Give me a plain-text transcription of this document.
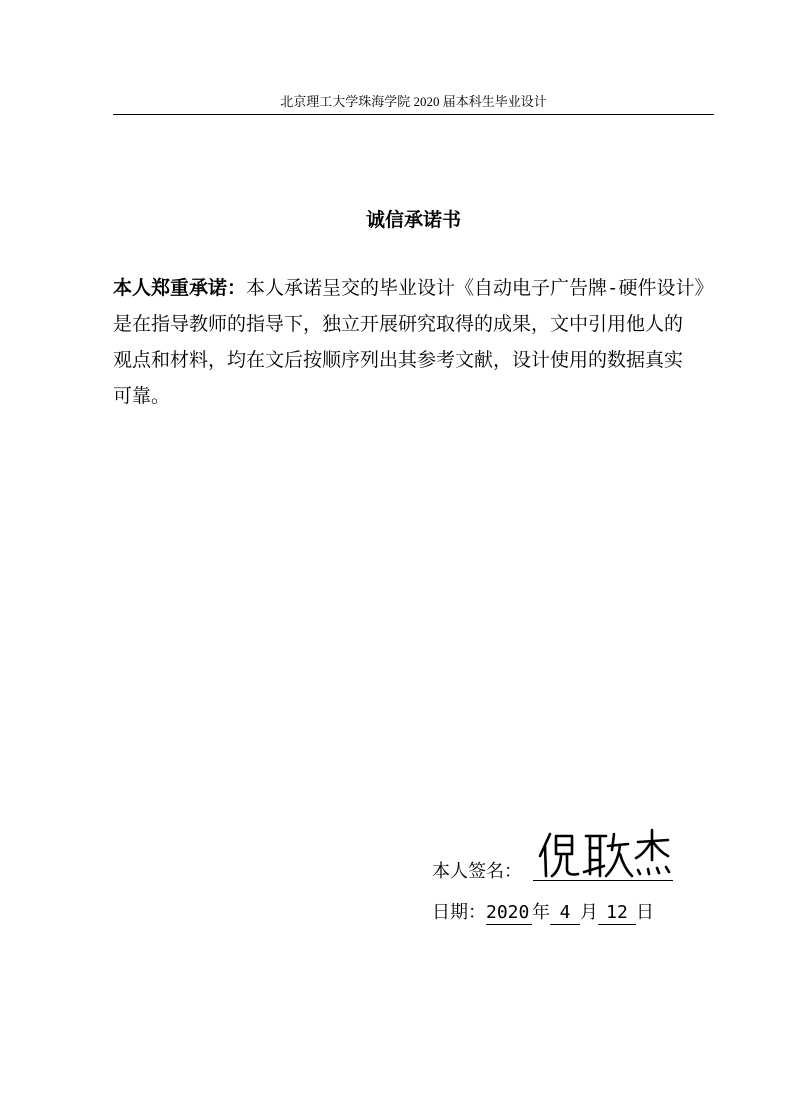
北京理工大学珠海学院 2020 届本科生毕业设计
诚信承诺书
本人郑重承诺：本人承诺呈交的毕业设计《自动电子广告牌-硬件设计》
是在指导教师的指导下，独立开展研究取得的成果，文中引用他人的
观点和材料，均在文后按顺序列出其参考文献，设计使用的数据真实
可靠。
本人签名：
日期：2020 年 4 月 12 日
